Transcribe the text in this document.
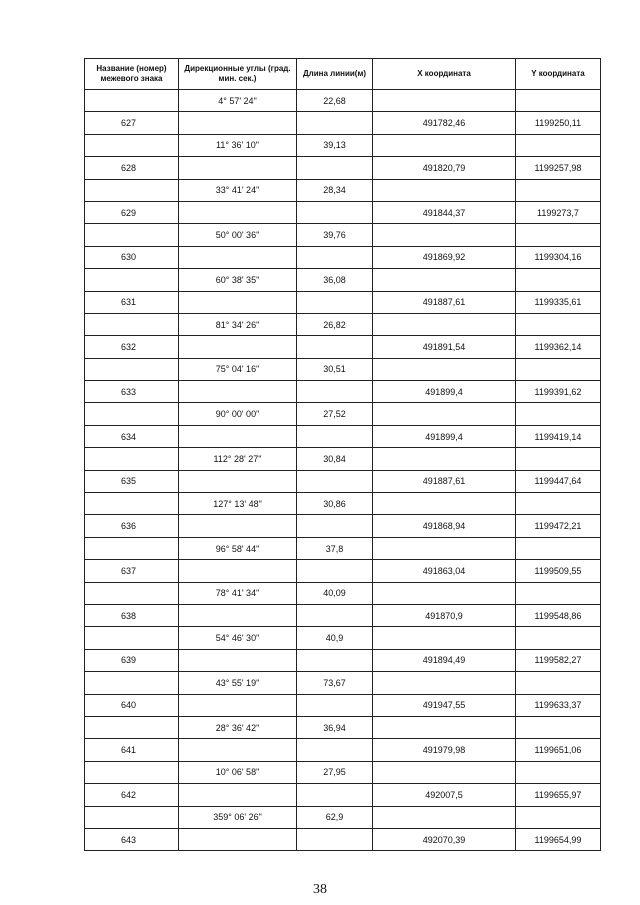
Название (номер) межевого знака	Дирекционные углы (град. мин. сек.)	Длина линии(м)	X координата	Y координата
	4° 57' 24"	22,68		
627			491782,46	1199250,11
	11° 36' 10"	39,13		
628			491820,79	1199257,98
	33° 41' 24"	28,34		
629			491844,37	1199273,7
	50° 00' 36"	39,76		
630			491869,92	1199304,16
	60° 38' 35"	36,08		
631			491887,61	1199335,61
	81° 34' 26"	26,82		
632			491891,54	1199362,14
	75° 04' 16"	30,51		
633			491899,4	1199391,62
	90° 00' 00"	27,52		
634			491899,4	1199419,14
	112° 28' 27"	30,84		
635			491887,61	1199447,64
	127° 13' 48"	30,86		
636			491868,94	1199472,21
	96° 58' 44"	37,8		
637			491863,04	1199509,55
	78° 41' 34"	40,09		
638			491870,9	1199548,86
	54° 46' 30"	40,9		
639			491894,49	1199582,27
	43° 55' 19"	73,67		
640			491947,55	1199633,37
	28° 36' 42"	36,94		
641			491979,98	1199651,06
	10° 06' 58"	27,95		
642			492007,5	1199655,97
	359° 06' 26"	62,9		
643			492070,39	1199654,99
38
